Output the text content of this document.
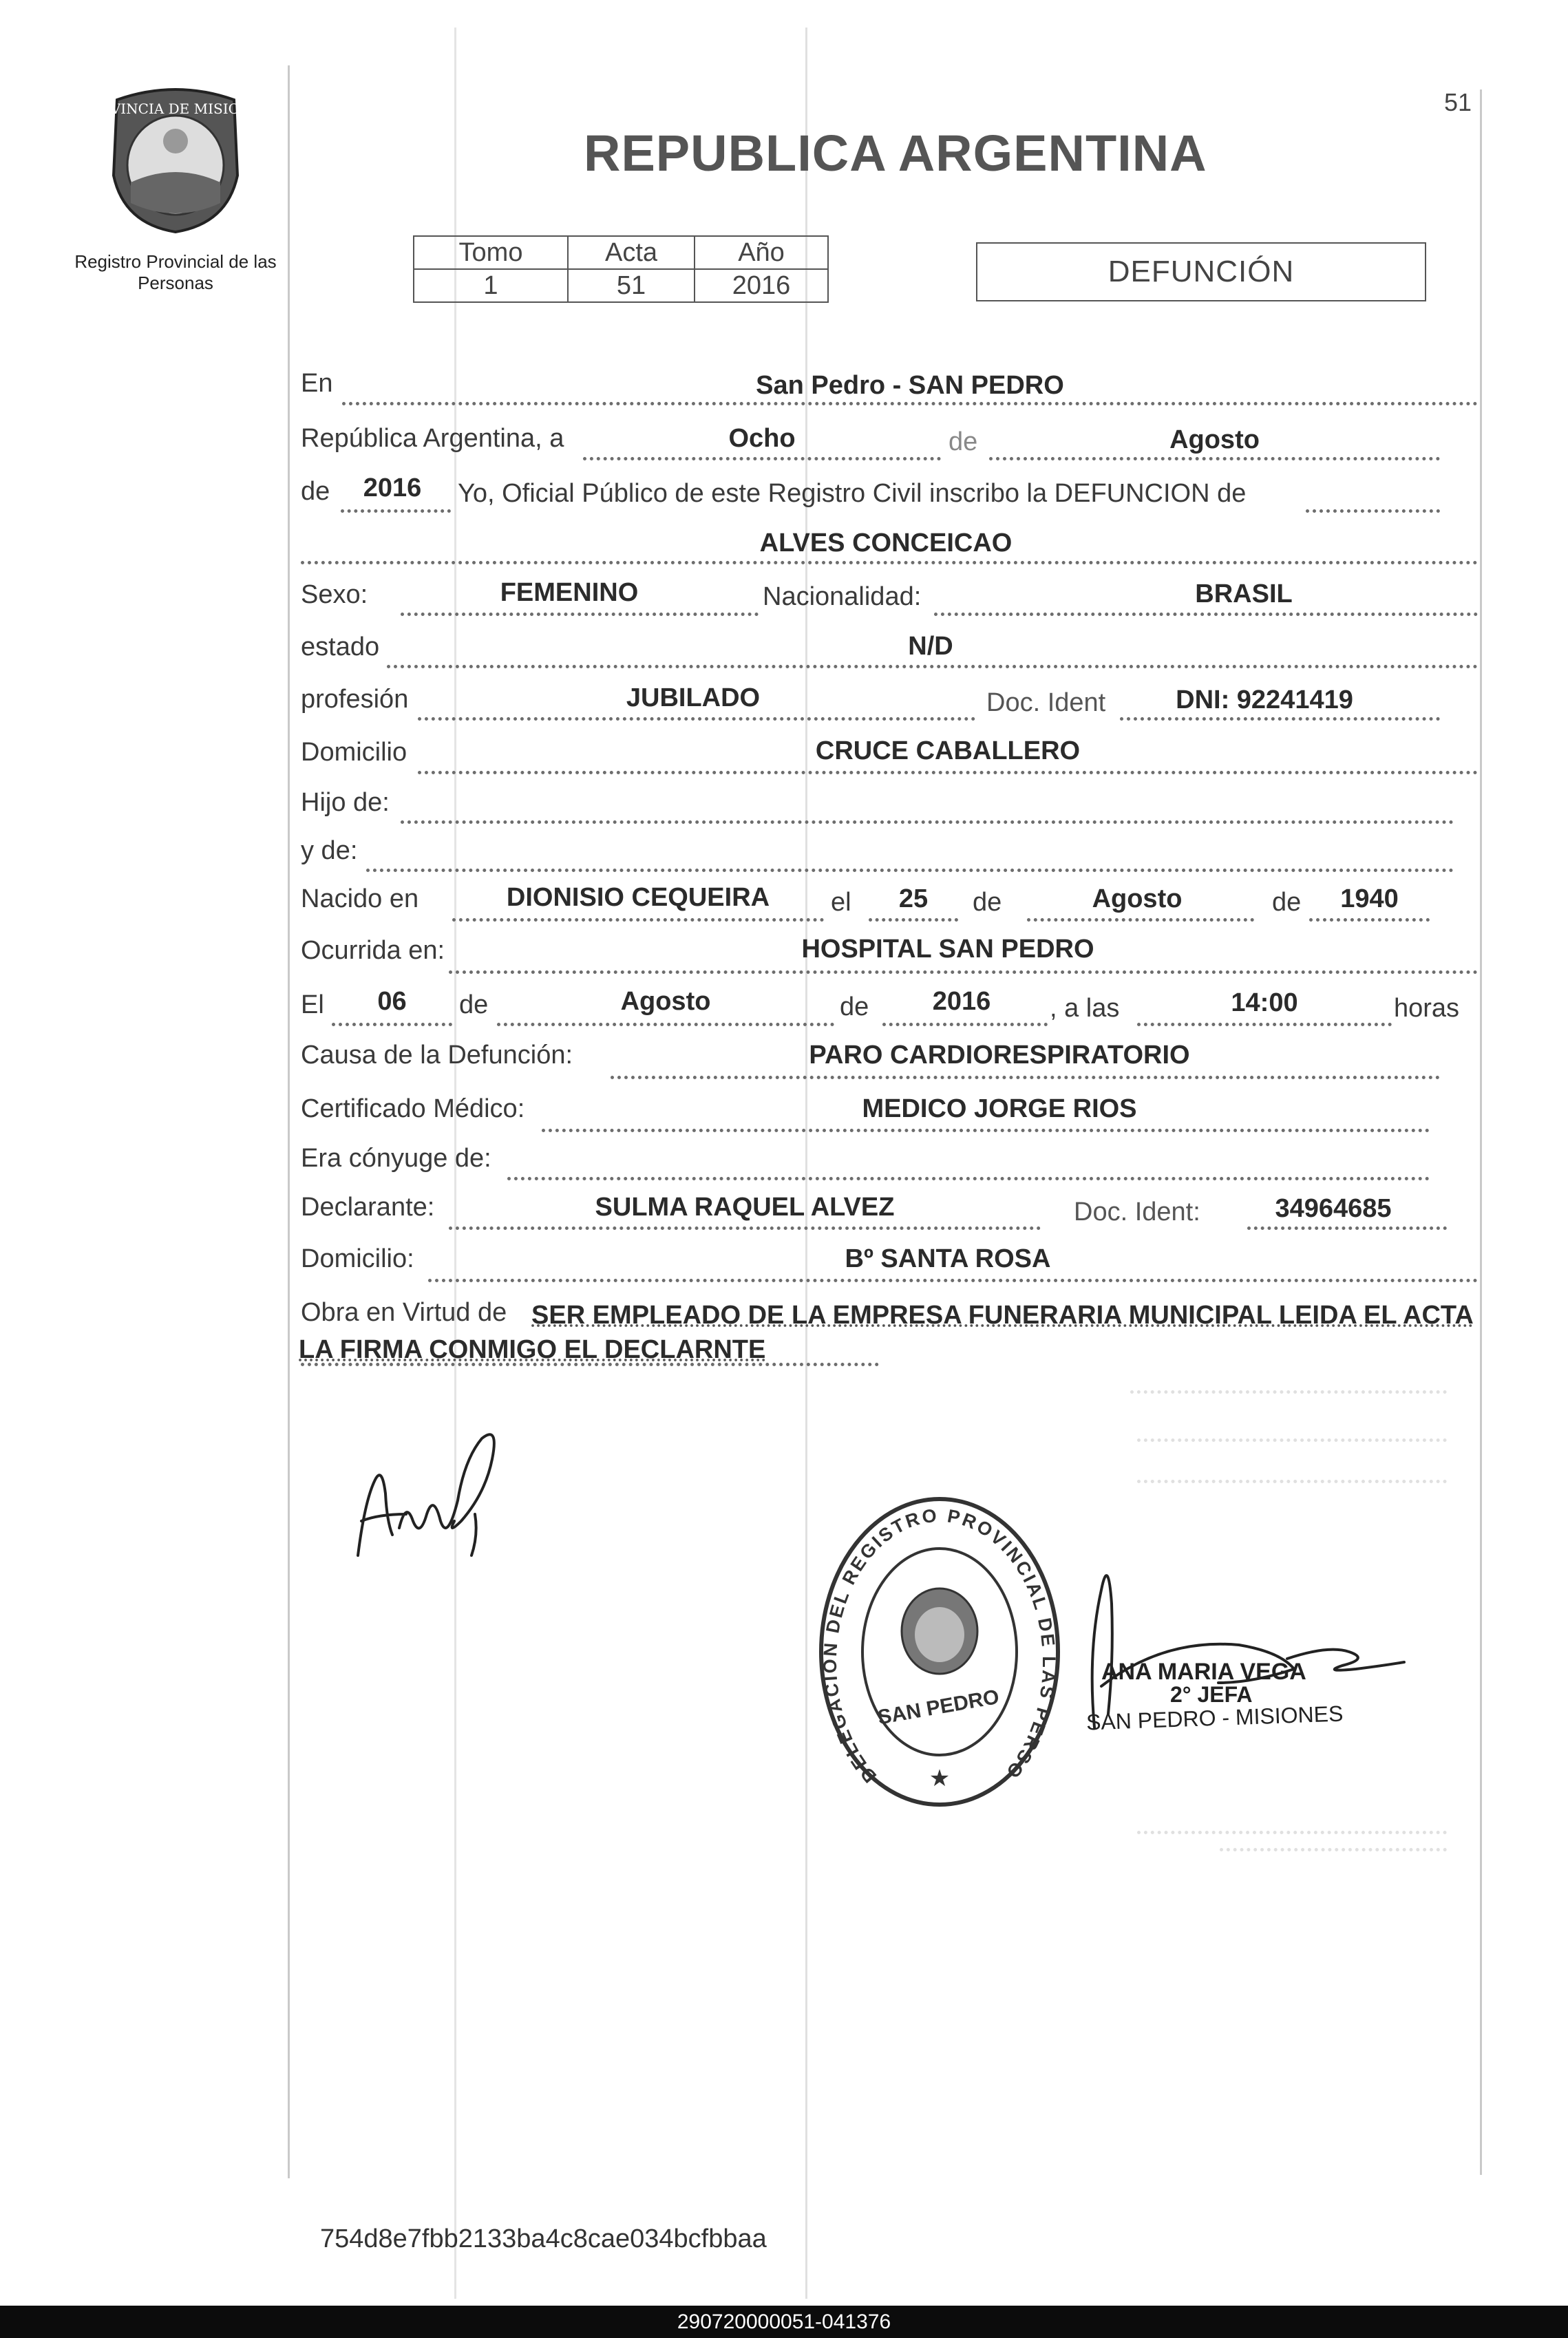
PROVINCIA DE MISIONES
Registro Provincial de las Personas
51
REPUBLICA ARGENTINA
Tomo	Acta	Año
1	51	2016	DEFUNCIÓN
En	San Pedro - SAN PEDRO
República Argentina, a	Ocho	de	Agosto
de	2016	Yo, Oficial Público de este Registro Civil inscribo la DEFUNCION de
ALVES CONCEICAO
Sexo:	FEMENINO	Nacionalidad:	BRASIL
estado	N/D
profesión	JUBILADO	Doc. Ident	DNI: 92241419
Domicilio	CRUCE CABALLERO
Hijo de:
y de:
Nacido en	DIONISIO CEQUEIRA	el	25	de	Agosto	de	1940
Ocurrida en:	HOSPITAL SAN PEDRO
El	06	de	Agosto	de	2016	, a las	14:00	horas
Causa de la Defunción:	PARO CARDIORESPIRATORIO
Certificado Médico:	MEDICO JORGE RIOS
Era cónyuge de:
Declarante:	SULMA RAQUEL ALVEZ	Doc. Ident:	34964685
Domicilio:	Bº SANTA ROSA
Obra en Virtud de SER EMPLEADO DE LA EMPRESA FUNERARIA MUNICIPAL LEIDA EL ACTA LA FIRMA CONMIGO EL DECLARNTE
DELEGACION DEL REGISTRO PROVINCIAL DE LAS PERSONAS
SAN PEDRO
★
ANA MARIA VEGA
2° JEFA
SAN PEDRO - MISIONES
754d8e7fbb2133ba4c8cae034bcfbbaa
290720000051-041376
